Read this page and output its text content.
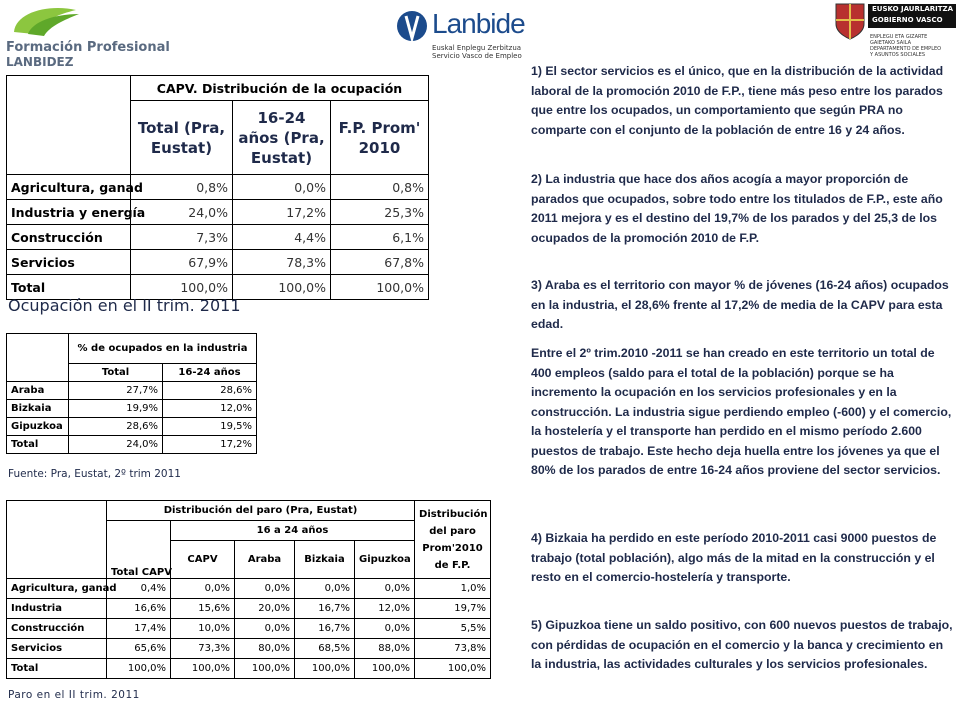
Formación Profesional
LANBIDEZ
Lanbide
Euskal Enplegu Zerbitzua
Servicio Vasco de Empleo
EUSKO JAURLARITZA
GOBIERNO VASCO
ENPLEGU ETA GIZARTE
GAIETAKO SAILA
DEPARTAMENTO DE EMPLEO
Y ASUNTOS SOCIALES
	CAPV. Distribución de la ocupación		
	Total (Pra, Eustat)	16-24 años (Pra, Eustat)	F.P. Prom' 2010
Agricultura, ganad	0,8%	0,0%	0,8%
Industria y energía	24,0%	17,2%	25,3%
Construcción	7,3%	4,4%	6,1%
Servicios	67,9%	78,3%	67,8%
Total	100,0%	100,0%	100,0%
Ocupación en el II trim. 2011
	% de ocupados en la industria	
	Total	16-24 años
Araba	27,7%	28,6%
Bizkaia	19,9%	12,0%
Gipuzkoa	28,6%	19,5%
Total	24,0%	17,2%
Fuente: Pra, Eustat, 2º trim 2011
	Distribución del paro (Pra, Eustat)					Distribución del paro Prom'2010 de F.P.
	Total CAPV	16 a 24 años				
		CAPV	Araba	Bizkaia	Gipuzkoa	
Agricultura, ganad	0,4%	0,0%	0,0%	0,0%	0,0%	1,0%
Industria	16,6%	15,6%	20,0%	16,7%	12,0%	19,7%
Construcción	17,4%	10,0%	0,0%	16,7%	0,0%	5,5%
Servicios	65,6%	73,3%	80,0%	68,5%	88,0%	73,8%
Total	100,0%	100,0%	100,0%	100,0%	100,0%	100,0%
Paro en el II trim. 2011
1) El sector servicios es el único, que en la distribución de la actividad laboral de la promoción 2010 de F.P., tiene más peso entre los parados que entre los ocupados, un comportamiento que según PRA no comparte con el conjunto de la población de entre 16 y 24 años.
2) La industria que hace dos años acogía a mayor proporción de parados que ocupados, sobre todo entre los titulados de F.P., este año 2011 mejora y es el destino del 19,7% de los parados y del 25,3 de los ocupados de la promoción 2010 de F.P.
3) Araba es el territorio con mayor % de jóvenes (16-24 años) ocupados en la industria, el 28,6% frente al 17,2% de media de la CAPV para esta edad.
Entre el 2º trim.2010 -2011 se han creado en este territorio un total de 400 empleos (saldo para el total de la población) porque se ha incremento la ocupación en los servicios profesionales y en la construcción. La industria sigue perdiendo empleo (-600) y el comercio, la hostelería y el transporte han perdido en el mismo período 2.600 puestos de trabajo. Este hecho deja huella entre los jóvenes ya que el 80% de los parados de entre 16-24 años proviene del sector servicios.
4) Bizkaia ha perdido en este período 2010-2011 casi 9000 puestos de trabajo (total población), algo más de la mitad en la construcción y el resto en el comercio-hostelería y transporte.
5) Gipuzkoa tiene un saldo positivo, con 600 nuevos puestos de trabajo, con pérdidas de ocupación en el comercio y la banca y crecimiento en la industria, las actividades culturales y los servicios profesionales.
